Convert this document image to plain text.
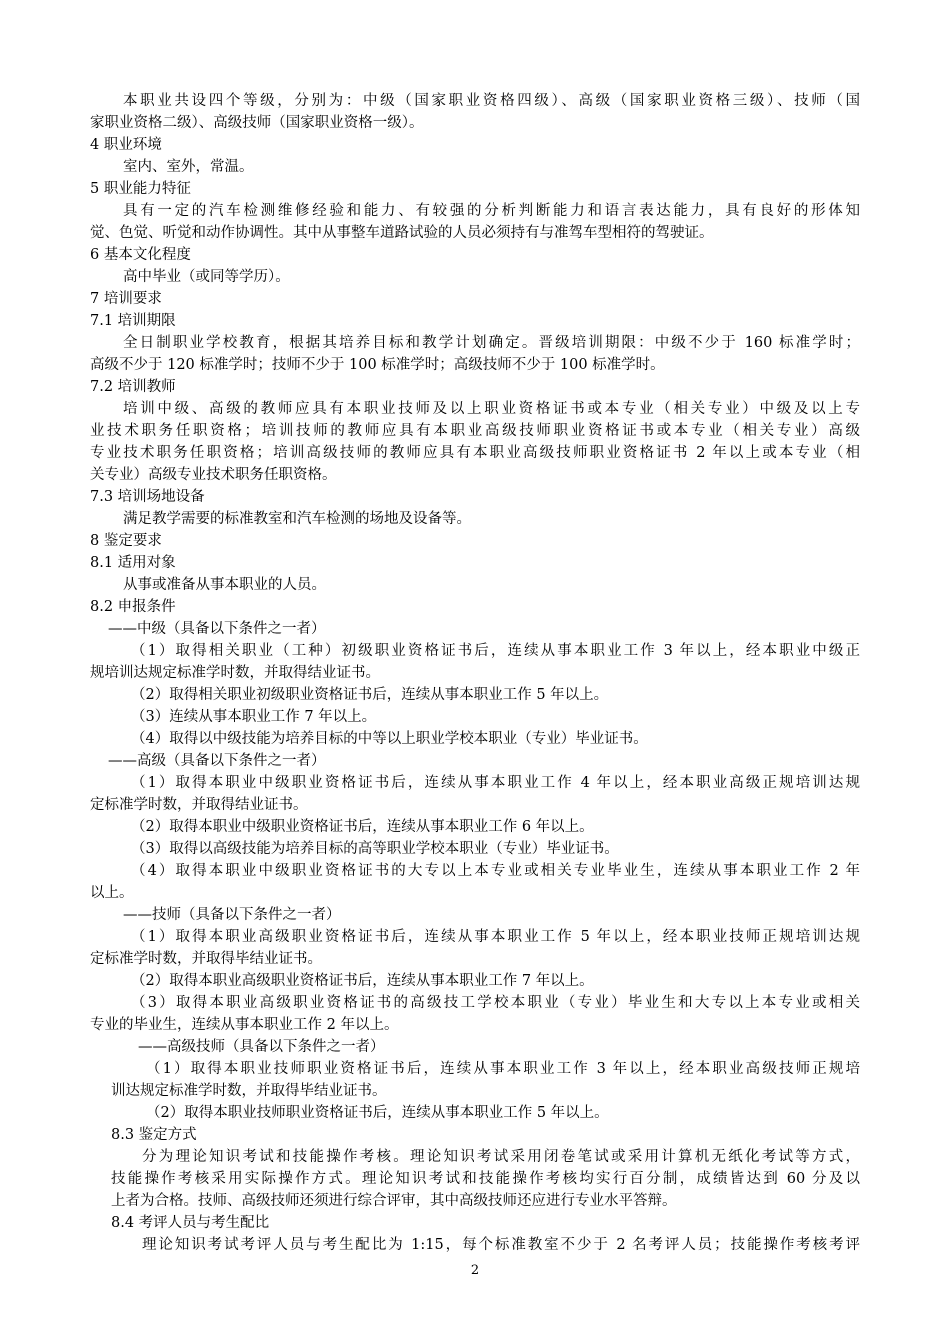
本职业共设四个等级，分别为：中级（国家职业资格四级）、高级（国家职业资格三级）、技师（国
家职业资格二级）、高级技师（国家职业资格一级）。
4 职业环境
室内、室外，常温。
5 职业能力特征
具有一定的汽车检测维修经验和能力、有较强的分析判断能力和语言表达能力，具有良好的形体知
觉、色觉、听觉和动作协调性。其中从事整车道路试验的人员必须持有与准驾车型相符的驾驶证。
6 基本文化程度
高中毕业（或同等学历）。
7 培训要求
7.1 培训期限
全日制职业学校教育，根据其培养目标和教学计划确定。晋级培训期限：中级不少于 160 标准学时；
高级不少于 120 标准学时；技师不少于 100 标准学时；高级技师不少于 100 标准学时。
7.2 培训教师
培训中级、高级的教师应具有本职业技师及以上职业资格证书或本专业（相关专业）中级及以上专
业技术职务任职资格；培训技师的教师应具有本职业高级技师职业资格证书或本专业（相关专业）高级
专业技术职务任职资格；培训高级技师的教师应具有本职业高级技师职业资格证书 2 年以上或本专业（相
关专业）高级专业技术职务任职资格。
7.3 培训场地设备
满足教学需要的标准教室和汽车检测的场地及设备等。
8 鉴定要求
8.1 适用对象
从事或准备从事本职业的人员。
8.2 申报条件
——中级（具备以下条件之一者）
（1）取得相关职业（工种）初级职业资格证书后，连续从事本职业工作 3 年以上，经本职业中级正
规培训达规定标准学时数，并取得结业证书。
（2）取得相关职业初级职业资格证书后，连续从事本职业工作 5 年以上。
（3）连续从事本职业工作 7 年以上。
（4）取得以中级技能为培养目标的中等以上职业学校本职业（专业）毕业证书。
——高级（具备以下条件之一者）
（1）取得本职业中级职业资格证书后，连续从事本职业工作 4 年以上，经本职业高级正规培训达规
定标准学时数，并取得结业证书。
（2）取得本职业中级职业资格证书后，连续从事本职业工作 6 年以上。
（3）取得以高级技能为培养目标的高等职业学校本职业（专业）毕业证书。
（4）取得本职业中级职业资格证书的大专以上本专业或相关专业毕业生，连续从事本职业工作 2 年
以上。
——技师（具备以下条件之一者）
（1）取得本职业高级职业资格证书后，连续从事本职业工作 5 年以上，经本职业技师正规培训达规
定标准学时数，并取得毕结业证书。
（2）取得本职业高级职业资格证书后，连续从事本职业工作 7 年以上。
（3）取得本职业高级职业资格证书的高级技工学校本职业（专业）毕业生和大专以上本专业或相关
专业的毕业生，连续从事本职业工作 2 年以上。
——高级技师（具备以下条件之一者）
（1）取得本职业技师职业资格证书后，连续从事本职业工作 3 年以上，经本职业高级技师正规培
训达规定标准学时数，并取得毕结业证书。
（2）取得本职业技师职业资格证书后，连续从事本职业工作 5 年以上。
8.3 鉴定方式
分为理论知识考试和技能操作考核。理论知识考试采用闭卷笔试或采用计算机无纸化考试等方式，
技能操作考核采用实际操作方式。理论知识考试和技能操作考核均实行百分制，成绩皆达到 60 分及以
上者为合格。技师、高级技师还须进行综合评审，其中高级技师还应进行专业水平答辩。
8.4 考评人员与考生配比
理论知识考试考评人员与考生配比为 1:15，每个标准教室不少于 2 名考评人员；技能操作考核考评
2
